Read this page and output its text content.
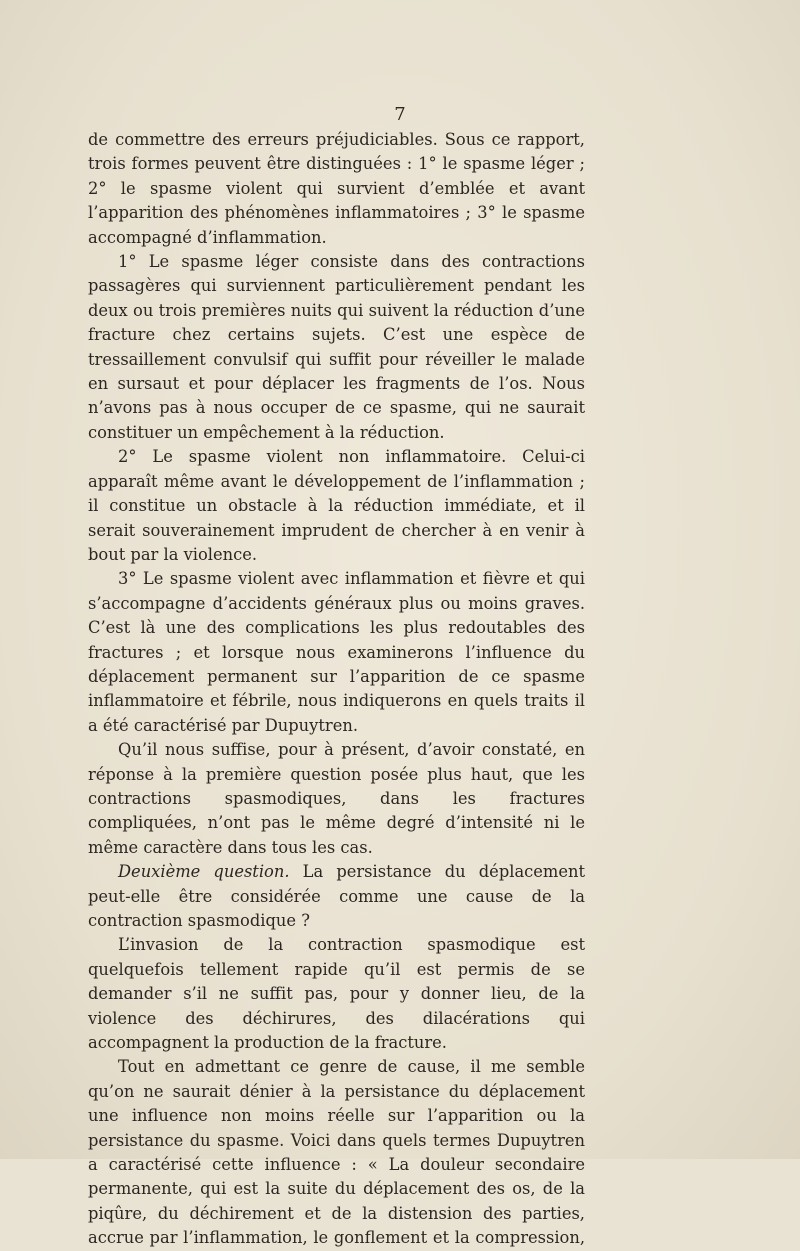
7

de commettre des erreurs préjudiciables. Sous ce rapport, trois formes peuvent être distinguées : 1° le spasme léger ; 2° le spasme violent qui survient d’emblée et avant l’apparition des phénomènes inflammatoires ; 3° le spasme accompagné d’inflammation.

1° Le spasme léger consiste dans des contractions passagères qui surviennent particulièrement pendant les deux ou trois premières nuits qui suivent la réduction d’une fracture chez certains sujets. C’est une espèce de tressaillement convulsif qui suffit pour réveiller le malade en sursaut et pour déplacer les fragments de l’os. Nous n’avons pas à nous occuper de ce spasme, qui ne saurait constituer un empêchement à la réduction.

2° Le spasme violent non inflammatoire. Celui-ci apparaît même avant le développement de l’inflammation ; il constitue un obstacle à la réduction immédiate, et il serait souverainement imprudent de chercher à en venir à bout par la violence.

3° Le spasme violent avec inflammation et fièvre et qui s’accompagne d’accidents généraux plus ou moins graves. C’est là une des complications les plus redoutables des fractures ; et lorsque nous examinerons l’influence du déplacement permanent sur l’apparition de ce spasme inflammatoire et fébrile, nous indiquerons en quels traits il a été caractérisé par Dupuytren.

Qu’il nous suffise, pour à présent, d’avoir constaté, en réponse à la première question posée plus haut, que les contractions spasmodiques, dans les fractures compliquées, n’ont pas le même degré d’intensité ni le même caractère dans tous les cas.

Deuxième question. La persistance du déplacement peut-elle être considérée comme une cause de la contraction spasmodique ?

L’invasion de la contraction spasmodique est quelquefois tellement rapide qu’il est permis de se demander s’il ne suffit pas, pour y donner lieu, de la violence des déchirures, des dilacérations qui accompagnent la production de la fracture.

Tout en admettant ce genre de cause, il me semble qu’on ne saurait dénier à la persistance du déplacement une influence non moins réelle sur l’apparition ou la persistance du spasme. Voici dans quels termes Dupuytren a caractérisé cette influence : « La douleur secondaire permanente, qui est la suite du déplacement des os, de la piqûre, du déchirement et de la distension des parties, accrue par l’inflammation, le gonflement et la compression,
